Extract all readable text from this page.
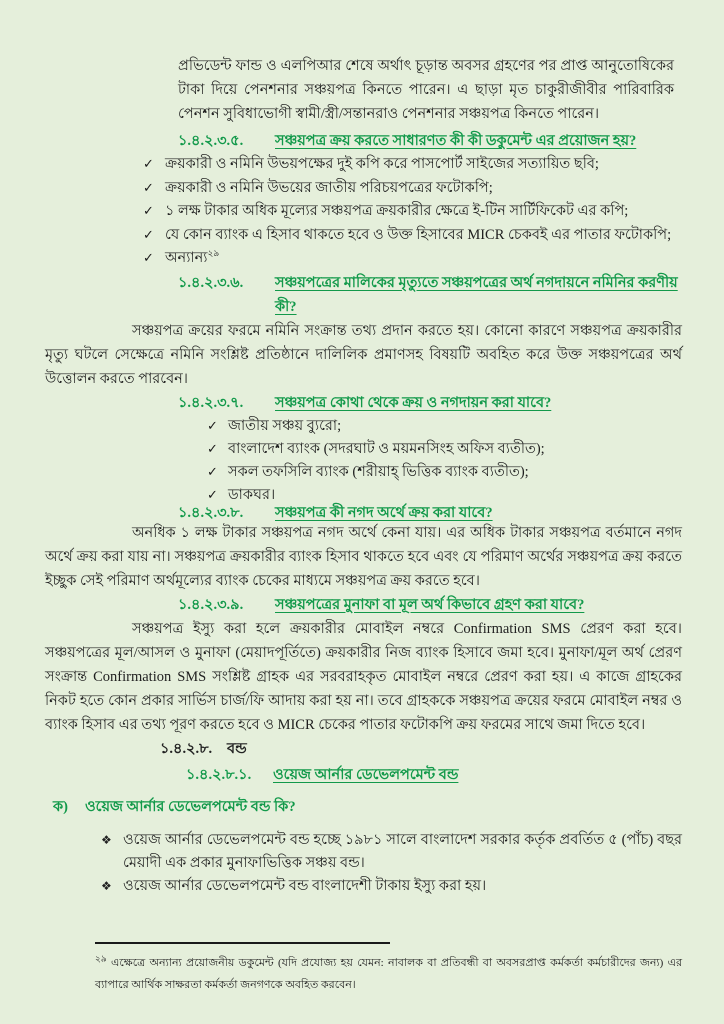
প্রভিডেন্ট ফান্ড ও এলপিআর শেষে অর্থাৎ চূড়ান্ত অবসর গ্রহণের পর প্রাপ্ত আনুতোষিকের টাকা দিয়ে পেনশনার সঞ্চয়পত্র কিনতে পারেন। এ ছাড়া মৃত চাকুরীজীবীর পারিবারিক পেনশন সুবিধাভোগী স্বামী/স্ত্রী/সন্তানরাও পেনশনার সঞ্চয়পত্র কিনতে পারেন।

১.৪.২.৩.৫.	সঞ্চয়পত্র ক্রয় করতে সাধারণত কী কী ডকুমেন্ট এর প্রয়োজন হয়?
✓ ক্রয়কারী ও নমিনি উভয়পক্ষের দুই কপি করে পাসপোর্ট সাইজের সত্যায়িত ছবি;
✓ ক্রয়কারী ও নমিনি উভয়ের জাতীয় পরিচয়পত্রের ফটোকপি;
✓ ১ লক্ষ টাকার অধিক মূল্যের সঞ্চয়পত্র ক্রয়কারীর ক্ষেত্রে ই-টিন সার্টিফিকেট এর কপি;
✓ যে কোন ব্যাংক এ হিসাব থাকতে হবে ও উক্ত হিসাবের MICR চেকবই এর পাতার ফটোকপি;
✓ অন্যান্য$^{২৯}$
১.৪.২.৩.৬.	সঞ্চয়পত্রের মালিকের মৃত্যুতে সঞ্চয়পত্রের অর্থ নগদায়নে নমিনির করণীয় কী?

সঞ্চয়পত্র ক্রয়ের ফরমে নমিনি সংক্রান্ত তথ্য প্রদান করতে হয়। কোনো কারণে সঞ্চয়পত্র ক্রয়কারীর মৃত্যু ঘটলে সেক্ষেত্রে নমিনি সংশ্লিষ্ট প্রতিষ্ঠানে দালিলিক প্রমাণসহ বিষয়টি অবহিত করে উক্ত সঞ্চয়পত্রের অর্থ উত্তোলন করতে পারবেন।

১.৪.২.৩.৭.	সঞ্চয়পত্র কোথা থেকে ক্রয় ও নগদায়ন করা যাবে?
✓ জাতীয় সঞ্চয় ব্যুরো;
✓ বাংলাদেশ ব্যাংক (সদরঘাট ও ময়মনসিংহ অফিস ব্যতীত);
✓ সকল তফসিলি ব্যাংক (শরীয়াহ্ ভিত্তিক ব্যাংক ব্যতীত);
✓ ডাকঘর।
১.৪.২.৩.৮.	সঞ্চয়পত্র কী নগদ অর্থে ক্রয় করা যাবে?

অনধিক ১ লক্ষ টাকার সঞ্চয়পত্র নগদ অর্থে কেনা যায়। এর অধিক টাকার সঞ্চয়পত্র বর্তমানে নগদ অর্থে ক্রয় করা যায় না। সঞ্চয়পত্র ক্রয়কারীর ব্যাংক হিসাব থাকতে হবে এবং যে পরিমাণ অর্থের সঞ্চয়পত্র ক্রয় করতে ইচ্ছুক সেই পরিমাণ অর্থমূল্যের ব্যাংক চেকের মাধ্যমে সঞ্চয়পত্র ক্রয় করতে হবে।

১.৪.২.৩.৯.	সঞ্চয়পত্রের মুনাফা বা মূল অর্থ কিভাবে গ্রহণ করা যাবে?

সঞ্চয়পত্র ইস্যু করা হলে ক্রয়কারীর মোবাইল নম্বরে Confirmation SMS প্রেরণ করা হবে। সঞ্চয়পত্রের মূল/আসল ও মুনাফা (মেয়াদপূর্তিতে) ক্রয়কারীর নিজ ব্যাংক হিসাবে জমা হবে। মুনাফা/মূল অর্থ প্রেরণ সংক্রান্ত Confirmation SMS সংশ্লিষ্ট গ্রাহক এর সরবরাহকৃত মোবাইল নম্বরে প্রেরণ করা হয়। এ কাজে গ্রাহকের নিকট হতে কোন প্রকার সার্ভিস চার্জ/ফি আদায় করা হয় না। তবে গ্রাহককে সঞ্চয়পত্র ক্রয়ের ফরমে মোবাইল নম্বর ও ব্যাংক হিসাব এর তথ্য পূরণ করতে হবে ও MICR চেকের পাতার ফটোকপি ক্রয় ফরমের সাথে জমা দিতে হবে।

১.৪.২.৮.	বন্ড
১.৪.২.৮.১.	ওয়েজ আর্নার ডেভেলপমেন্ট বন্ড
ক)	ওয়েজ আর্নার ডেভেলপমেন্ট বন্ড কি?
❖ ওয়েজ আর্নার ডেভেলপমেন্ট বন্ড হচ্ছে ১৯৮১ সালে বাংলাদেশ সরকার কর্তৃক প্রবর্তিত ৫ (পাঁচ) বছর মেয়াদী এক প্রকার মুনাফাভিত্তিক সঞ্চয় বন্ড।
❖ ওয়েজ আর্নার ডেভেলপমেন্ট বন্ড বাংলাদেশী টাকায় ইস্যু করা হয়।
$^{২৯}$ এক্ষেত্রে অন্যান্য প্রয়োজনীয় ডকুমেন্ট (যদি প্রযোজ্য হয় যেমন: নাবালক বা প্রতিবন্ধী বা অবসরপ্রাপ্ত কর্মকর্তা কর্মচারীদের জন্য) এর ব্যাপারে আর্থিক সাক্ষরতা কর্মকর্তা জনগণকে অবহিত করবেন।
